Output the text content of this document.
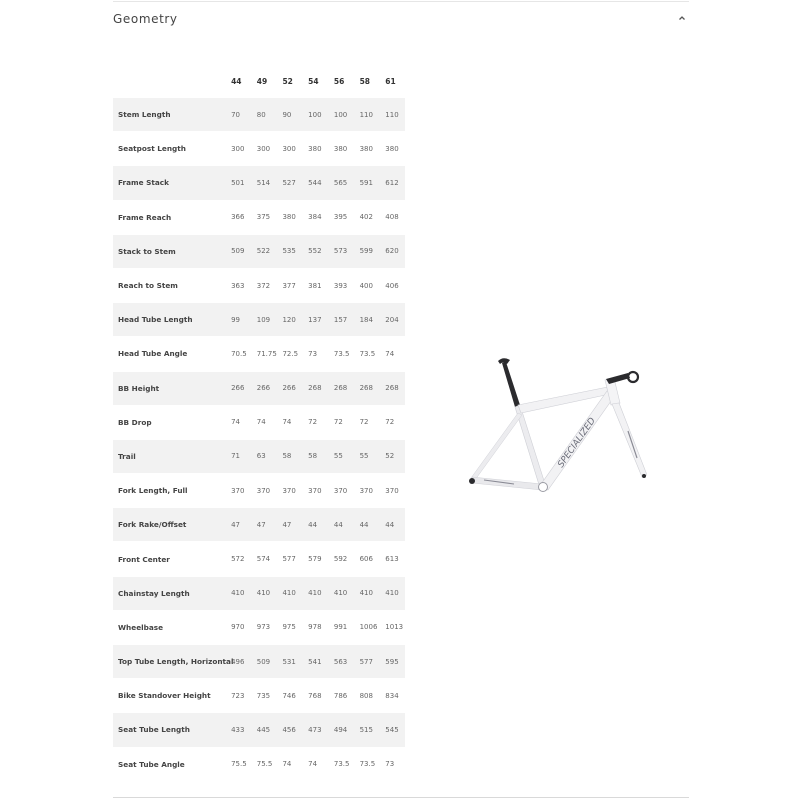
Geometry
	44	49	52	54	56	58	61
Stem Length	70	80	90	100	100	110	110
Seatpost Length	300	300	300	380	380	380	380
Frame Stack	501	514	527	544	565	591	612
Frame Reach	366	375	380	384	395	402	408
Stack to Stem	509	522	535	552	573	599	620
Reach to Stem	363	372	377	381	393	400	406
Head Tube Length	99	109	120	137	157	184	204
Head Tube Angle	70.5	71.75	72.5	73	73.5	73.5	74
BB Height	266	266	266	268	268	268	268
BB Drop	74	74	74	72	72	72	72
Trail	71	63	58	58	55	55	52
Fork Length, Full	370	370	370	370	370	370	370
Fork Rake/Offset	47	47	47	44	44	44	44
Front Center	572	574	577	579	592	606	613
Chainstay Length	410	410	410	410	410	410	410
Wheelbase	970	973	975	978	991	1006	1013
Top Tube Length, Horizontal	496	509	531	541	563	577	595
Bike Standover Height	723	735	746	768	786	808	834
Seat Tube Length	433	445	456	473	494	515	545
Seat Tube Angle	75.5	75.5	74	74	73.5	73.5	73
SPECIALIZED
